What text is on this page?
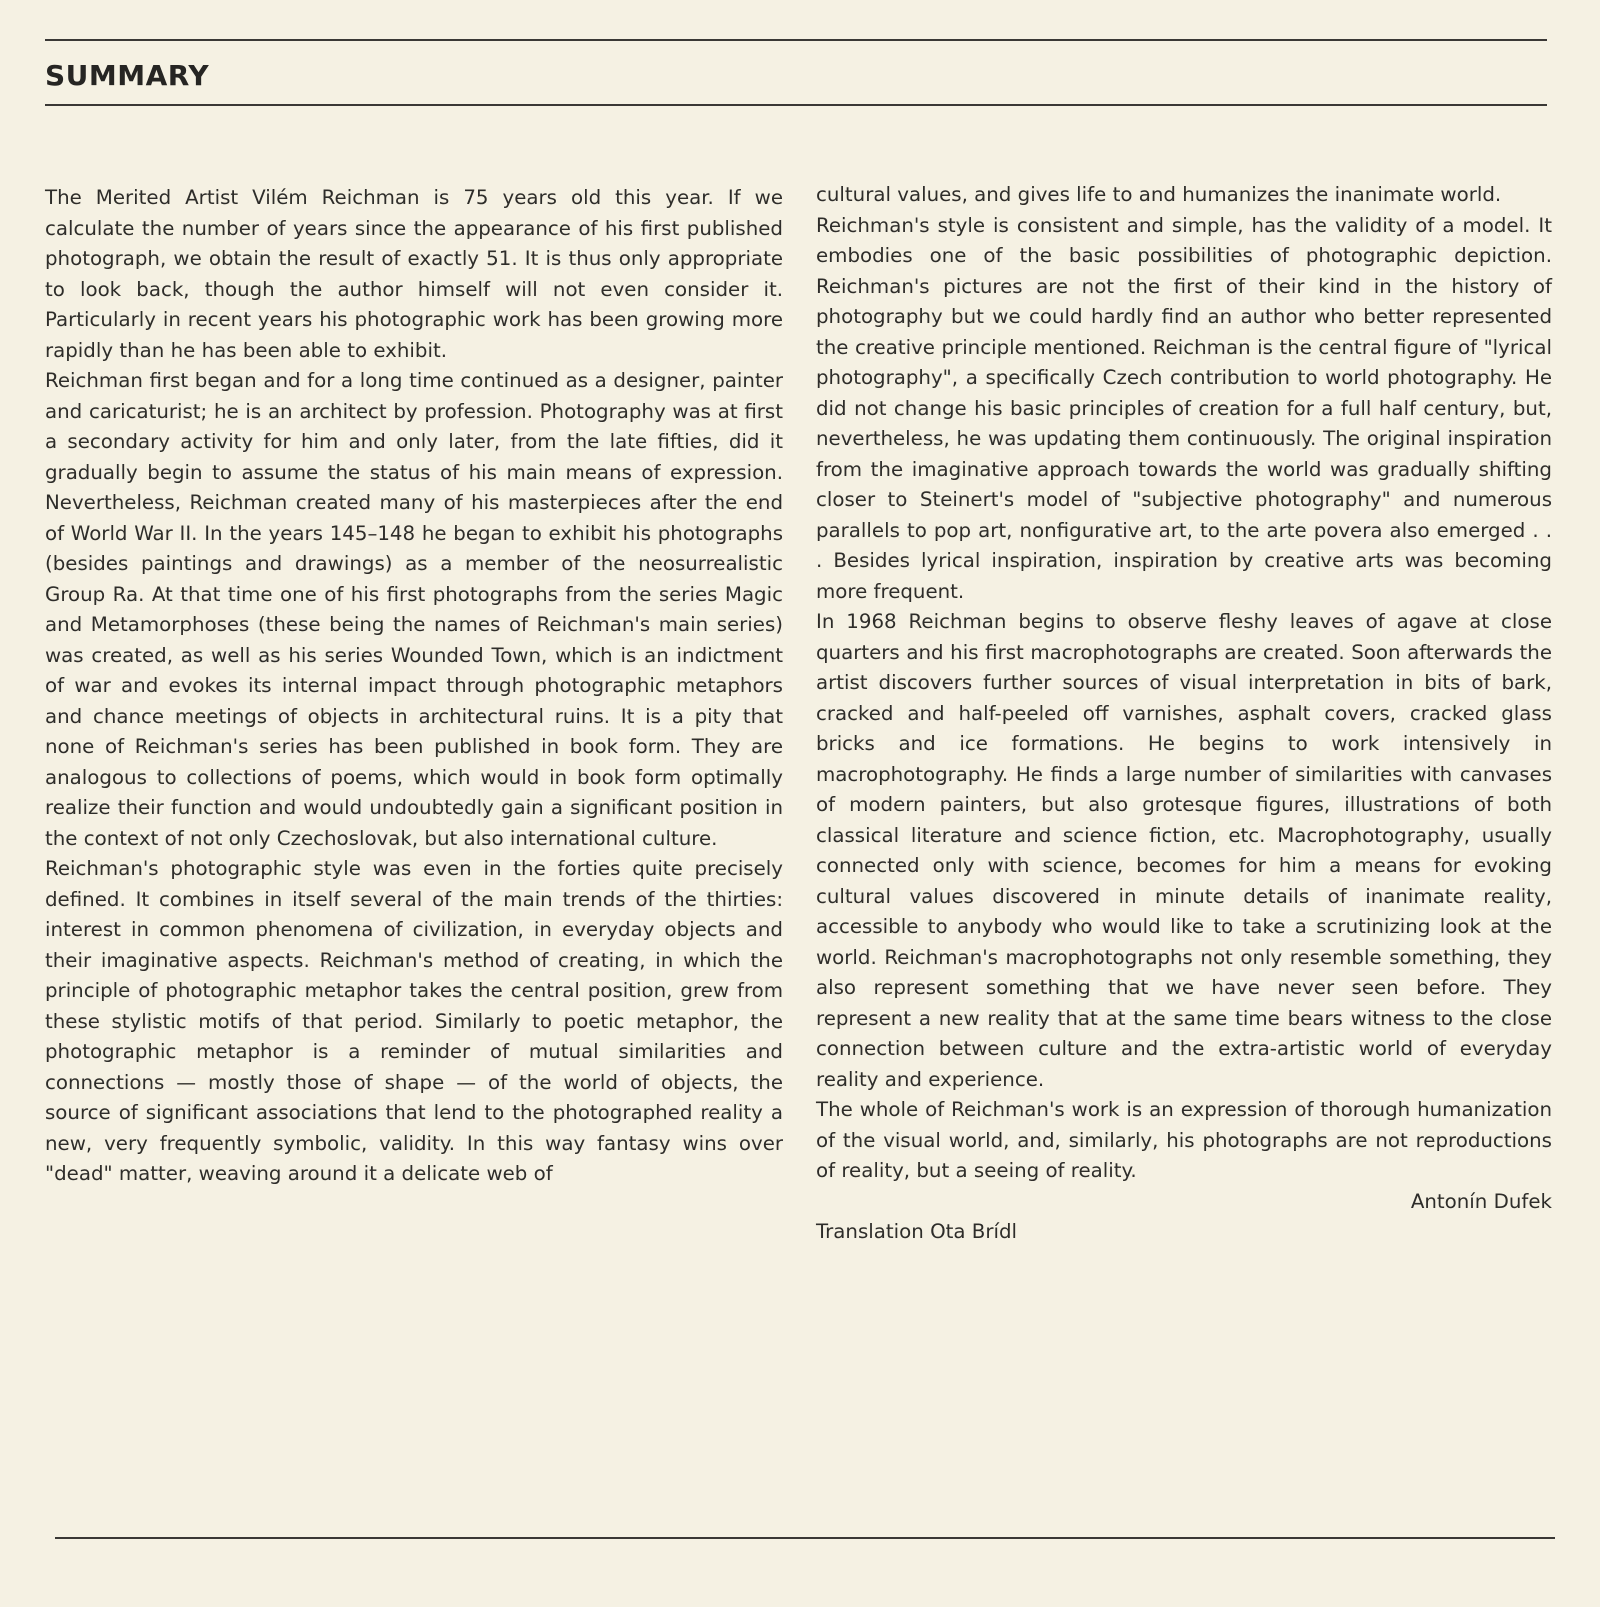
SUMMARY

The Merited Artist Vilém Reichman is 75 years old this year. If we calculate the number of years since the appearance of his first published photograph, we obtain the result of exactly 51. It is thus only appropriate to look back, though the author himself will not even consider it. Particularly in recent years his photographic work has been growing more rapidly than he has been able to exhibit.

Reichman first began and for a long time continued as a designer, painter and caricaturist; he is an architect by profession. Photography was at first a secondary activity for him and only later, from the late fifties, did it gradually begin to assume the status of his main means of expression. Nevertheless, Reichman created many of his masterpieces after the end of World War II. In the years 145–148 he began to exhibit his photographs (besides paintings and drawings) as a member of the neosurrealistic Group Ra. At that time one of his first photographs from the series Magic and Metamorphoses (these being the names of Reichman's main series) was created, as well as his series Wounded Town, which is an indictment of war and evokes its internal impact through photographic metaphors and chance meetings of objects in architectural ruins. It is a pity that none of Reichman's series has been published in book form. They are analogous to collections of poems, which would in book form optimally realize their function and would undoubtedly gain a significant position in the context of not only Czechoslovak, but also international culture.

Reichman's photographic style was even in the forties quite precisely defined. It combines in itself several of the main trends of the thirties: interest in common phenomena of civilization, in everyday objects and their imaginative aspects. Reichman's method of creating, in which the principle of photographic metaphor takes the central position, grew from these stylistic motifs of that period. Similarly to poetic metaphor, the photographic metaphor is a reminder of mutual similarities and connections — mostly those of shape — of the world of objects, the source of significant associations that lend to the photographed reality a new, very frequently symbolic, validity. In this way fantasy wins over "dead" matter, weaving around it a delicate web of

cultural values, and gives life to and humanizes the inanimate world.

Reichman's style is consistent and simple, has the validity of a model. It embodies one of the basic possibilities of photographic depiction. Reichman's pictures are not the first of their kind in the history of photography but we could hardly find an author who better represented the creative principle mentioned. Reichman is the central figure of "lyrical photography", a specifically Czech contribution to world photography. He did not change his basic principles of creation for a full half century, but, nevertheless, he was updating them continuously. The original inspiration from the imaginative approach towards the world was gradually shifting closer to Steinert's model of "subjective photography" and numerous parallels to pop art, nonfigurative art, to the arte povera also emerged . . . Besides lyrical inspiration, inspiration by creative arts was becoming more frequent.

In 1968 Reichman begins to observe fleshy leaves of agave at close quarters and his first macrophotographs are created. Soon afterwards the artist discovers further sources of visual interpretation in bits of bark, cracked and half-peeled off varnishes, asphalt covers, cracked glass bricks and ice formations. He begins to work intensively in macrophotography. He finds a large number of similarities with canvases of modern painters, but also grotesque figures, illustrations of both classical literature and science fiction, etc. Macrophotography, usually connected only with science, becomes for him a means for evoking cultural values discovered in minute details of inanimate reality, accessible to anybody who would like to take a scrutinizing look at the world. Reichman's macrophotographs not only resemble something, they also represent something that we have never seen before. They represent a new reality that at the same time bears witness to the close connection between culture and the extra-artistic world of everyday reality and experience.

The whole of Reichman's work is an expression of thorough humanization of the visual world, and, similarly, his photographs are not reproductions of reality, but a seeing of reality.

Antonín Dufek

Translation Ota Brídl
